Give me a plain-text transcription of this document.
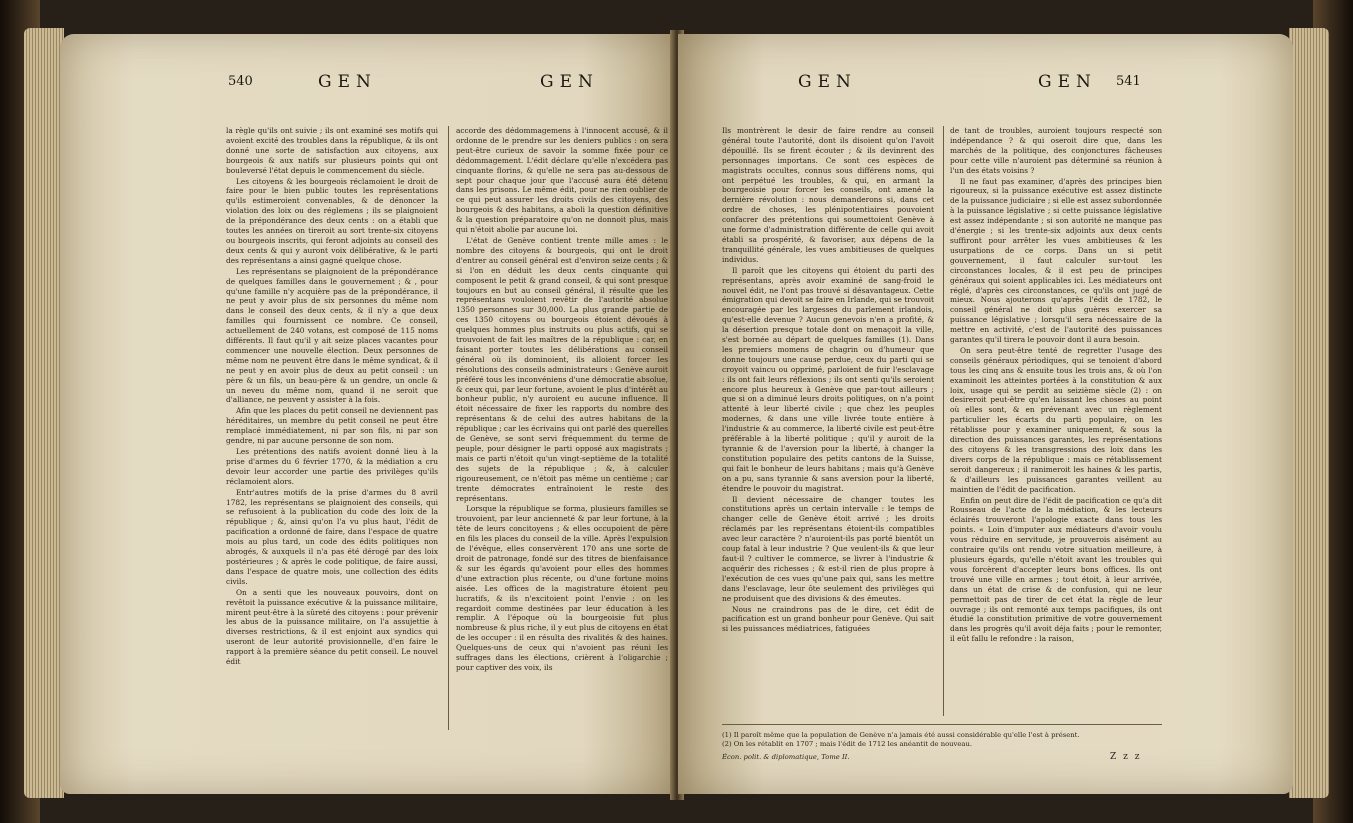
540	GEN	GEN

la règle qu'ils ont suivie ; ils ont examiné ses motifs qui avoient excité des troubles dans la république, & ils ont donné une sorte de satisfaction aux citoyens, aux bourgeois & aux natifs sur plusieurs points qui ont bouleversé l'état depuis le commencement du siècle.

Les citoyens & les bourgeois réclamoient le droit de faire pour le bien public toutes les représentations qu'ils estimeroient convenables, & de dénoncer la violation des loix ou des réglemens ; ils se plaignoient de la prépondérance des deux cents : on a établi que toutes les années on tireroit au sort trente-six citoyens ou bourgeois inscrits, qui feront adjoints au conseil des deux cents & qui y auront voix délibérative, & le parti des représentans a ainsi gagné quelque chose.

Les représentans se plaignoient de la prépondérance de quelques familles dans le gouvernement ; & , pour qu'une famille n'y acquière pas de la prépondérance, il ne peut y avoir plus de six personnes du même nom dans le conseil des deux cents, & il n'y a que deux familles qui fournissent ce nombre. Ce conseil, actuellement de 240 votans, est composé de 115 noms différents. Il faut qu'il y ait seize places vacantes pour commencer une nouvelle élection. Deux personnes de même nom ne peuvent être dans le même syndicat, & il ne peut y en avoir plus de deux au petit conseil : un père & un fils, un beau-père & un gendre, un oncle & un neveu du même nom, quand il ne seroit que d'alliance, ne peuvent y assister à la fois.

Afin que les places du petit conseil ne deviennent pas héréditaires, un membre du petit conseil ne peut être remplacé immédiatement, ni par son fils, ni par son gendre, ni par aucune personne de son nom.

Les prétentions des natifs avoient donné lieu à la prise d'armes du 6 février 1770, & la médiation a cru devoir leur accorder une partie des privilèges qu'ils réclamoient alors.

Entr'autres motifs de la prise d'armes du 8 avril 1782, les représentans se plaignoient des conseils, qui se refusoient à la publication du code des loix de la république ; &, ainsi qu'on l'a vu plus haut, l'édit de pacification a ordonné de faire, dans l'espace de quatre mois au plus tard, un code des édits politiques non abrogés, & auxquels il n'a pas été dérogé par des loix postérieures ; & après le code politique, de faire aussi, dans l'espace de quatre mois, une collection des édits civils.

On a senti que les nouveaux pouvoirs, dont on revêtoit la puissance exécutive & la puissance militaire, mirent peut-être à la sûreté des citoyens : pour prévenir les abus de la puissance militaire, on l'a assujettie à diverses restrictions, & il est enjoint aux syndics qui useront de leur autorité provisionnelle, d'en faire le rapport à la première séance du petit conseil. Le nouvel édit

accorde des dédommagemens à l'innocent accusé, & il ordonne de le prendre sur les deniers publics : on sera peut-être curieux de savoir la somme fixée pour ce dédommagement. L'édit déclare qu'elle n'excédera pas cinquante florins, & qu'elle ne sera pas au-dessous de sept pour chaque jour que l'accusé aura été détenu dans les prisons. Le même édit, pour ne rien oublier de ce qui peut assurer les droits civils des citoyens, des bourgeois & des habitans, a aboli la question définitive & la question préparatoire qu'on ne donnoit plus, mais qui n'étoit abolie par aucune loi.

L'état de Genève contient trente mille ames : le nombre des citoyens & bourgeois, qui ont le droit d'entrer au conseil général est d'environ seize cents ; & si l'on en déduit les deux cents cinquante qui composent le petit & grand conseil, & qui sont presque toujours en but au conseil général, il résulte que les représentans vouloient revêtir de l'autorité absolue 1350 personnes sur 30,000. La plus grande partie de ces 1350 citoyens ou bourgeois étoient dévoués à quelques hommes plus instruits ou plus actifs, qui se trouvoient de fait les maîtres de la république : car, en faisant porter toutes les délibérations au conseil général où ils dominoient, ils alloient forcer les résolutions des conseils administrateurs : Genève auroit préféré tous les inconvéniens d'une démocratie absolue, & ceux qui, par leur fortune, avoient le plus d'intérêt au bonheur public, n'y auroient eu aucune influence. Il étoit nécessaire de fixer les rapports du nombre des représentans & de celui des autres habitans de la république ; car les écrivains qui ont parlé des querelles de Genève, se sont servi fréquemment du terme de peuple, pour désigner le parti opposé aux magistrats ; mais ce parti n'étoit qu'un vingt-septième de la totalité des sujets de la république ; &, à calculer rigoureusement, ce n'étoit pas même un centième ; car trente démocrates entraînoient le reste des représentans.

Lorsque la république se forma, plusieurs familles se trouvoient, par leur ancienneté & par leur fortune, à la tête de leurs concitoyens ; & elles occupoient de père en fils les places du conseil de la ville. Après l'expulsion de l'évêque, elles conservèrent 170 ans une sorte de droit de patronage, fondé sur des titres de bienfaisance & sur les égards qu'avoient pour elles des hommes d'une extraction plus récente, ou d'une fortune moins aisée. Les offices de la magistrature étoient peu lucratifs, & ils n'excitoient point l'envie : on les regardoit comme destinées par leur éducation à les remplir. A l'époque où la bourgeoisie fut plus nombreuse & plus riche, il y eut plus de citoyens en état de les occuper : il en résulta des rivalités & des haines. Quelques-uns de ceux qui n'avoient pas réuni les suffrages dans les élections, crièrent à l'oligarchie ; pour captiver des voix, ils

GEN	GEN 541

Ils montrèrent le desir de faire rendre au conseil général toute l'autorité, dont ils disoient qu'on l'avoit dépouillé. Ils se firent écouter ; & ils devinrent des personnages importans. Ce sont ces espèces de magistrats occultes, connus sous différens noms, qui ont perpétué les troubles, & qui, en armant la bourgeoisie pour forcer les conseils, ont amené la dernière révolution : nous demanderons si, dans cet ordre de choses, les plénipotentiaires pouvoient confacrer des prétentions qui soumettoient Genève à une forme d'administration différente de celle qui avoit établi sa prospérité, & favoriser, aux dépens de la tranquillité générale, les vues ambitieuses de quelques individus.

Il paroît que les citoyens qui étoient du parti des représentans, après avoir examiné de sang-froid le nouvel édit, ne l'ont pas trouvé si désavantageux. Cette émigration qui devoit se faire en Irlande, qui se trouvoit encouragée par les largesses du parlement irlandois, qu'est-elle devenue ? Aucun genevois n'en a profité, & la désertion presque totale dont on menaçoit la ville, s'est bornée au départ de quelques familles (1). Dans les premiers momens de chagrin ou d'humeur que donne toujours une cause perdue, ceux du parti qui se croyoit vaincu ou opprimé, parloient de fuir l'esclavage : ils ont fait leurs réflexions ; ils ont senti qu'ils seroient encore plus heureux à Genève que par-tout ailleurs ; que si on a diminué leurs droits politiques, on n'a point attenté à leur liberté civile ; que chez les peuples modernes, & dans une ville livrée toute entière à l'industrie & au commerce, la liberté civile est peut-être préférable à la liberté politique ; qu'il y auroit de la tyrannie & de l'aversion pour la liberté, à changer la constitution populaire des petits cantons de la Suisse, qui fait le bonheur de leurs habitans ; mais qu'à Genève on a pu, sans tyrannie & sans aversion pour la liberté, étendre le pouvoir du magistrat.

Il devient nécessaire de changer toutes les constitutions après un certain intervalle : le temps de changer celle de Genève étoit arrivé ; les droits réclamés par les représentans étoient-ils compatibles avec leur caractère ? n'auroient-ils pas porté bientôt un coup fatal à leur industrie ? Que veulent-ils & que leur faut-il ? cultiver le commerce, se livrer à l'industrie & acquérir des richesses ; & est-il rien de plus propre à l'exécution de ces vues qu'une paix qui, sans les mettre dans l'esclavage, leur ôte seulement des privilèges qui ne produisent que des divisions & des émeutes.

Nous ne craindrons pas de le dire, cet édit de pacification est un grand bonheur pour Genève. Qui sait si les puissances médiatrices, fatiguées

de tant de troubles, auroient toujours respecté son indépendance ? & qui oseroit dire que, dans les marchés de la politique, des conjonctures fâcheuses pour cette ville n'auroient pas déterminé sa réunion à l'un des états voisins ?

Il ne faut pas examiner, d'après des principes bien rigoureux, si la puissance exécutive est assez distincte de la puissance judiciaire ; si elle est assez subordonnée à la puissance législative ; si cette puissance législative est assez indépendante ; si son autorité ne manque pas d'énergie ; si les trente-six adjoints aux deux cents suffiront pour arrêter les vues ambitieuses & les usurpations de ce corps. Dans un si petit gouvernement, il faut calculer sur-tout les circonstances locales, & il est peu de principes généraux qui soient applicables ici. Les médiateurs ont réglé, d'après ces circonstances, ce qu'ils ont jugé de mieux. Nous ajouterons qu'après l'édit de 1782, le conseil général ne doit plus guères exercer sa puissance législative ; lorsqu'il sera nécessaire de la mettre en activité, c'est de l'autorité des puissances garantes qu'il tirera le pouvoir dont il aura besoin.

On sera peut-être tenté de regretter l'usage des conseils généraux périodiques, qui se tenoient d'abord tous les cinq ans & ensuite tous les trois ans, & où l'on examinoit les atteintes portées à la constitution & aux loix, usage qui se perdit au seizième siècle (2) : on desireroit peut-être qu'en laissant les choses au point où elles sont, & en prévenant avec un règlement particulier les écarts du parti populaire, on les rétablisse pour y examiner uniquement, & sous la direction des puissances garantes, les représentations des citoyens & les transgressions des loix dans les divers corps de la république : mais ce rétablissement seroit dangereux ; il ranimeroit les haines & les partis, & d'ailleurs les puissances garantes veillent au maintien de l'édit de pacification.

Enfin on peut dire de l'édit de pacification ce qu'a dit Rousseau de l'acte de la médiation, & les lecteurs éclairés trouveront l'apologie exacte dans tous les points. « Loin d'imputer aux médiateurs d'avoir voulu vous réduire en servitude, je prouverois aisément au contraire qu'ils ont rendu votre situation meilleure, à plusieurs égards, qu'elle n'étoit avant les troubles qui vous forcèrent d'accepter leurs bons offices. Ils ont trouvé une ville en armes ; tout étoit, à leur arrivée, dans un état de crise & de confusion, qui ne leur permettoit pas de tirer de cet état la règle de leur ouvrage ; ils ont remonté aux temps pacifiques, ils ont étudié la constitution primitive de votre gouvernement dans les progrès qu'il avoit déja faits ; pour le remonter, il eût fallu le refondre : la raison,

(1) Il paroît même que la population de Genève n'a jamais été aussi considérable qu'elle l'est à présent.
(2) On les rétablit en 1707 ; mais l'édit de 1712 les anéantit de nouveau.
Écon. polit. & diplomatique, Tome II.	Z z z
